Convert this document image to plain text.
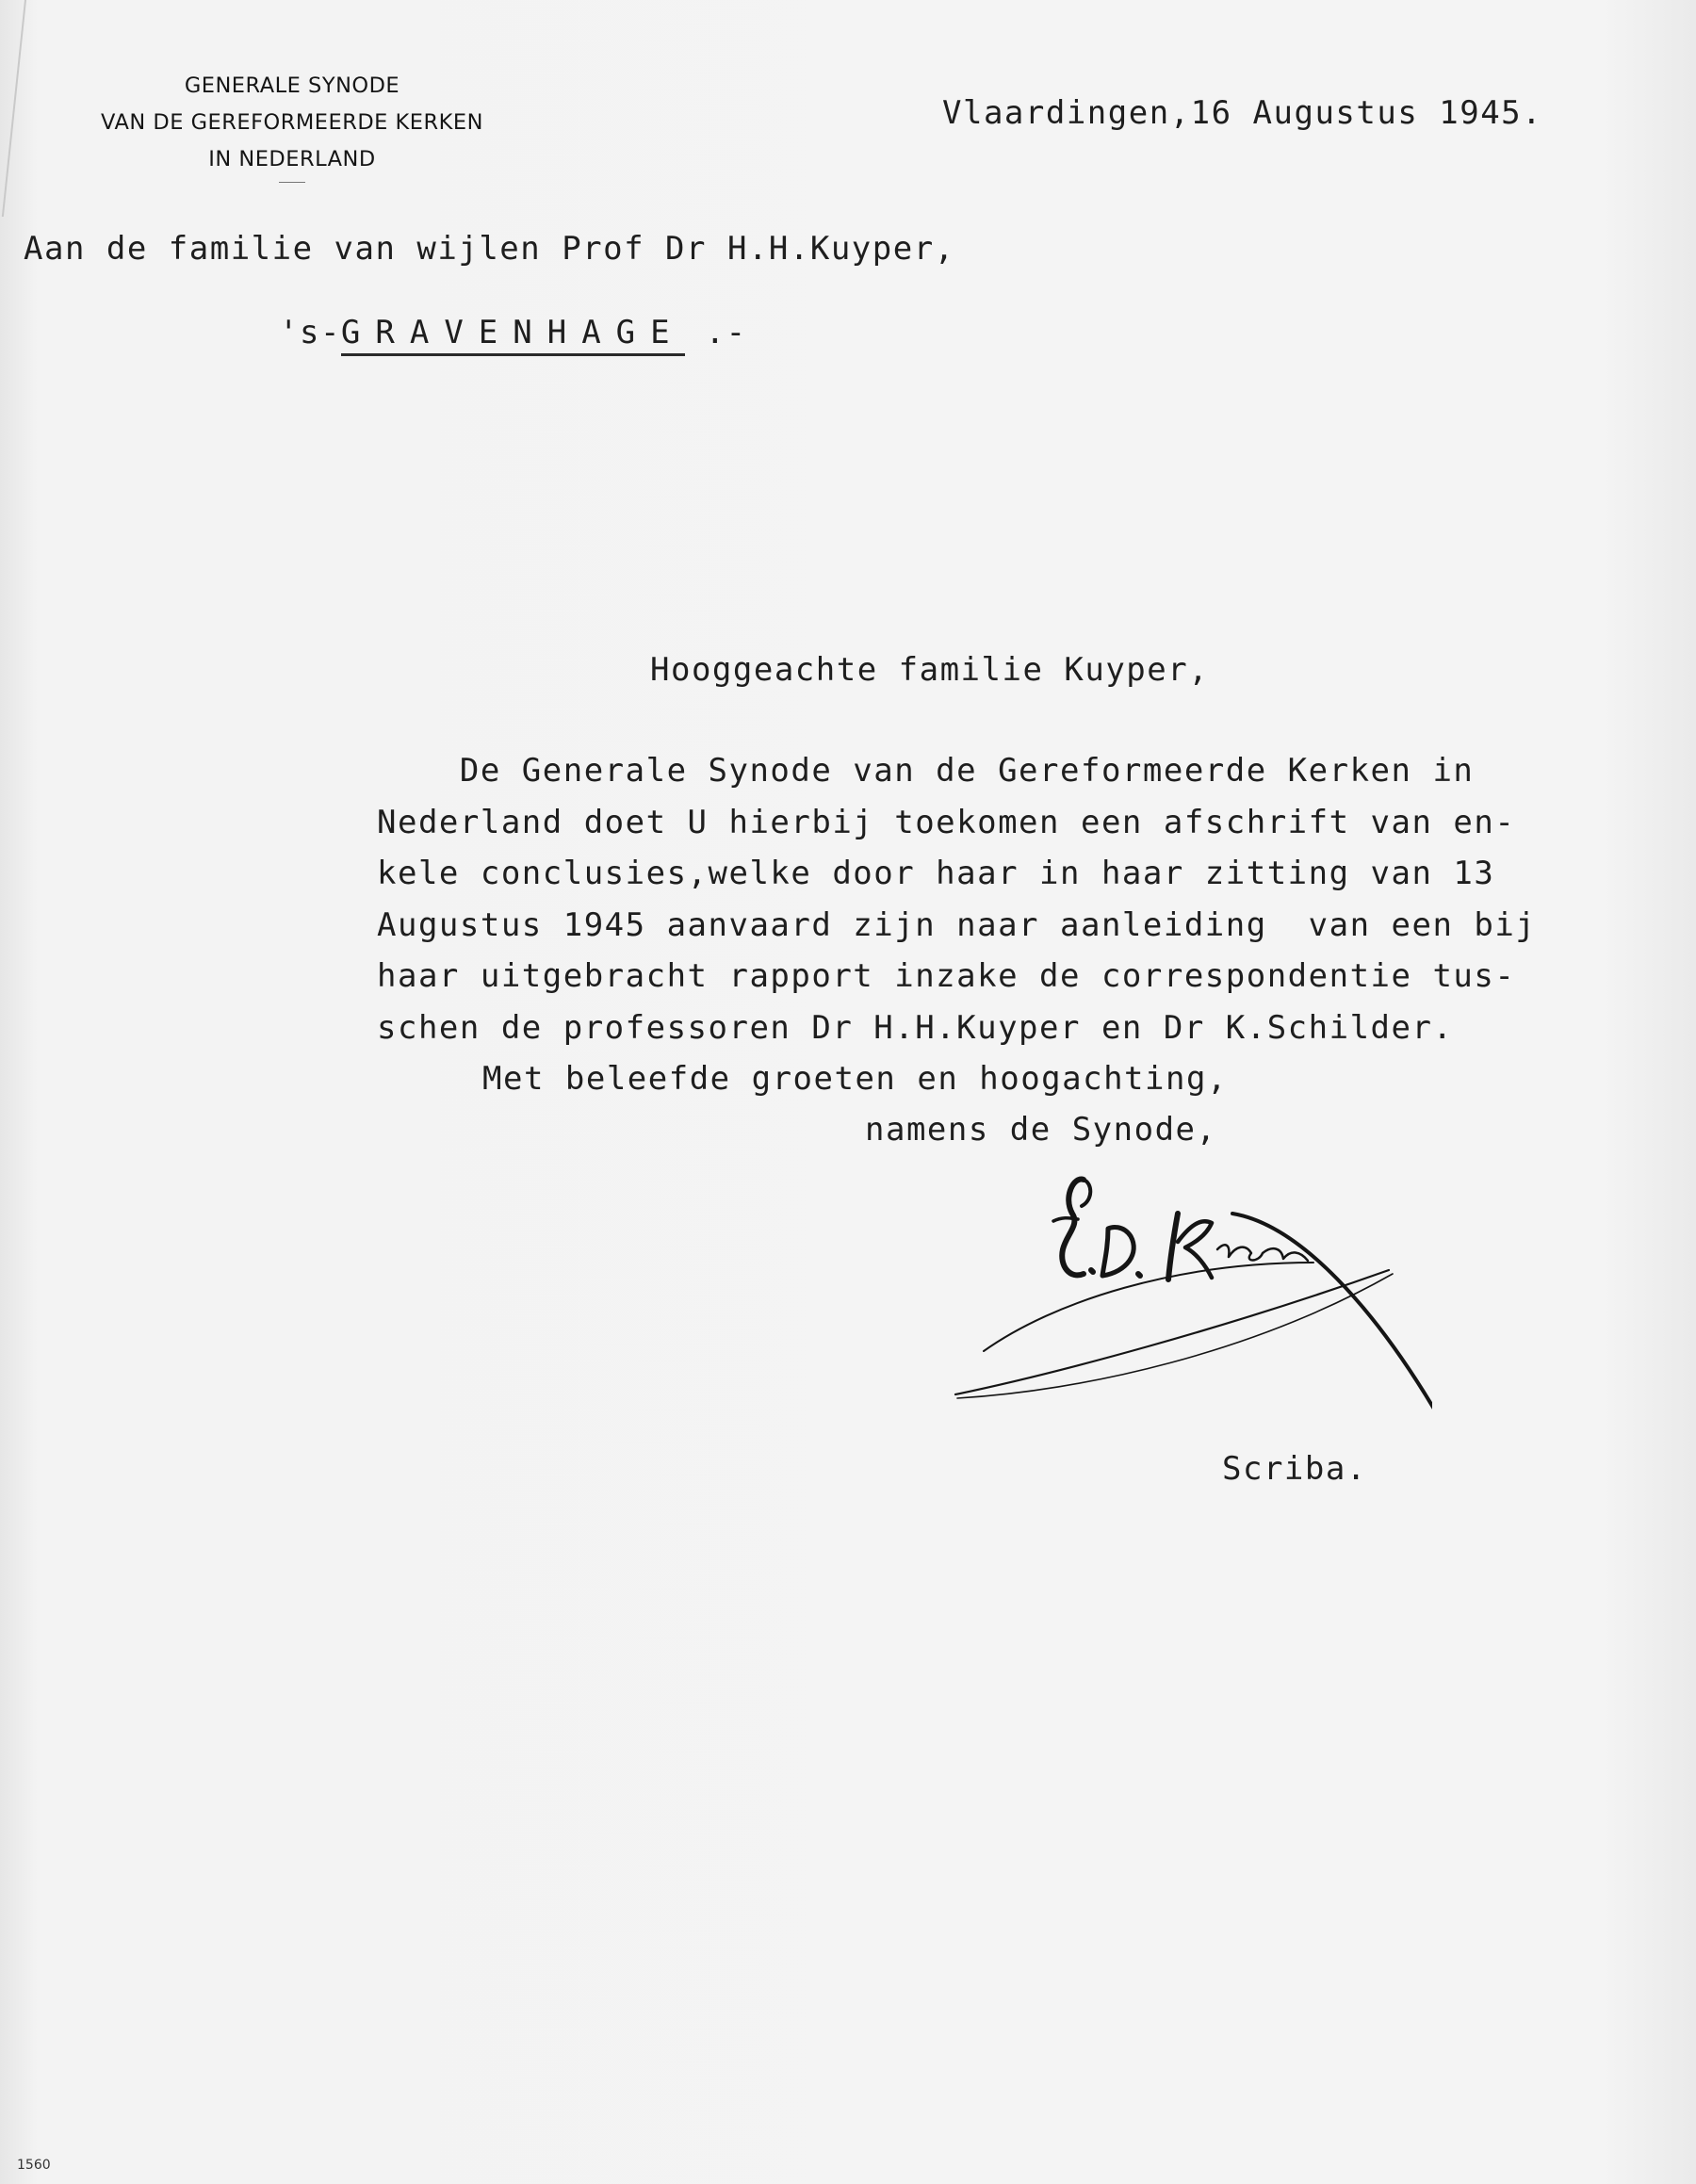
GENERALE SYNODE
VAN DE GEREFORMEERDE KERKEN
IN NEDERLAND
Vlaardingen,16 Augustus 1945.
Aan de familie van wijlen Prof Dr H.H.Kuyper,
's-GRAVENHAGE .-
Hooggeachte familie Kuyper,
De Generale Synode van de Gereformeerde Kerken in
Nederland doet U hierbij toekomen een afschrift van en-
kele conclusies,welke door haar in haar zitting van 13
Augustus 1945 aanvaard zijn naar aanleiding  van een bij
haar uitgebracht rapport inzake de correspondentie tus-
schen de professoren Dr H.H.Kuyper en Dr K.Schilder.
Met beleefde groeten en hoogachting,
namens de Synode,
Scriba.
1560
